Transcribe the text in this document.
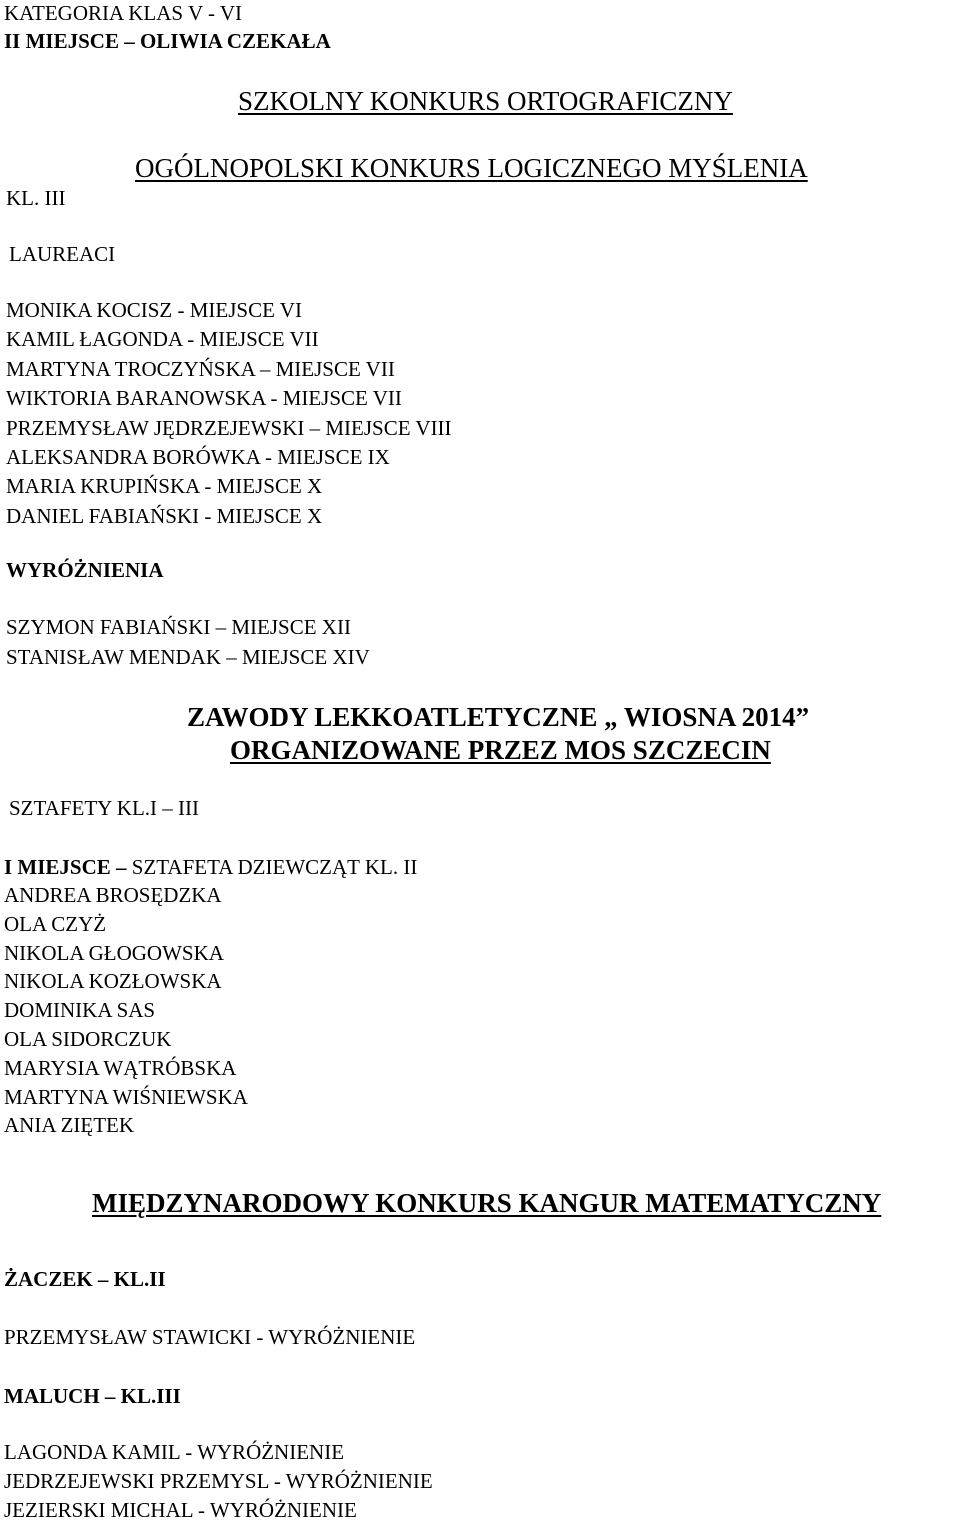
KATEGORIA KLAS V - VI
II MIEJSCE – OLIWIA CZEKAŁA
SZKOLNY KONKURS ORTOGRAFICZNY
OGÓLNOPOLSKI KONKURS LOGICZNEGO MYŚLENIA
KL. III
LAUREACI
MONIKA KOCISZ - MIEJSCE VI
KAMIL ŁAGONDA - MIEJSCE VII
MARTYNA TROCZYŃSKA – MIEJSCE VII
WIKTORIA BARANOWSKA - MIEJSCE VII
PRZEMYSŁAW JĘDRZEJEWSKI – MIEJSCE VIII
ALEKSANDRA BORÓWKA - MIEJSCE IX
MARIA KRUPIŃSKA - MIEJSCE X
DANIEL FABIAŃSKI - MIEJSCE X
WYRÓŻNIENIA
SZYMON FABIAŃSKI – MIEJSCE XII
STANISŁAW MENDAK – MIEJSCE XIV
ZAWODY LEKKOATLETYCZNE „ WIOSNA 2014”
ORGANIZOWANE PRZEZ MOS SZCZECIN
SZTAFETY KL.I – III
I MIEJSCE – SZTAFETA DZIEWCZĄT KL. II
ANDREA BROSĘDZKA
OLA CZYŻ
NIKOLA GŁOGOWSKA
NIKOLA KOZŁOWSKA
DOMINIKA SAS
OLA SIDORCZUK
MARYSIA WĄTRÓBSKA
MARTYNA WIŚNIEWSKA
ANIA ZIĘTEK
MIĘDZYNARODOWY KONKURS KANGUR MATEMATYCZNY
ŻACZEK – KL.II
PRZEMYSŁAW STAWICKI - WYRÓŻNIENIE
MALUCH – KL.III
LAGONDA KAMIL - WYRÓŻNIENIE
JEDRZEJEWSKI PRZEMYSL - WYRÓŻNIENIE
JEZIERSKI MICHAL - WYRÓŻNIENIE
